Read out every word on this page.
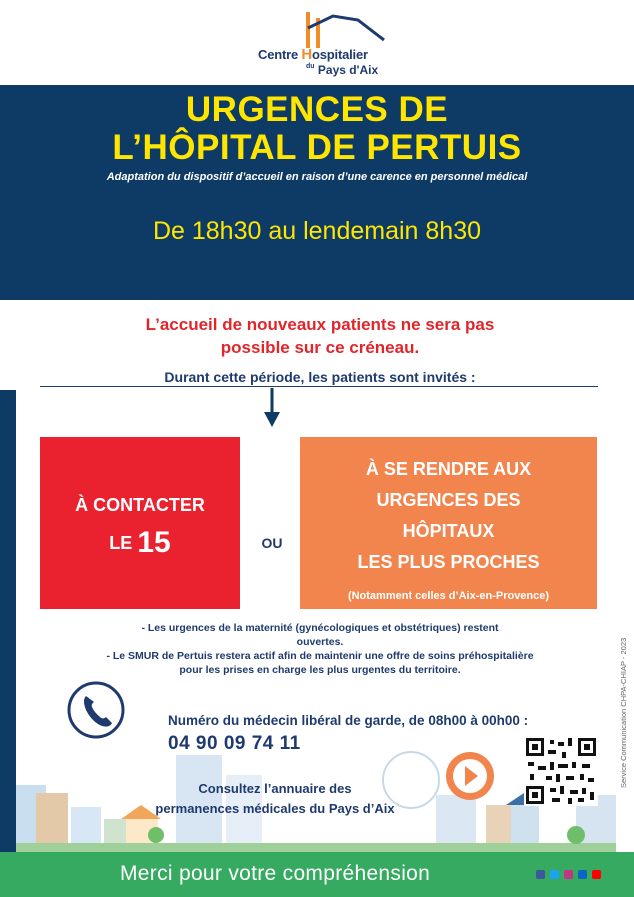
Centre Hospitalier
$^{du}$ Pays d'Aix
URGENCES DE
L’HÔPITAL DE PERTUIS
Adaptation du dispositif d’accueil en raison d’une carence en personnel médical
De 18h30 au lendemain 8h30
L’accueil de nouveaux patients ne sera pas
possible sur ce créneau.
Durant cette période, les patients sont invités :
À CONTACTER
LE 15	OU
À SE RENDRE AUX
URGENCES DES
HÔPITAUX
LES PLUS PROCHES
(Notamment celles d’Aix-en-Provence)
- Les urgences de la maternité (gynécologiques et obstétriques) restent
ouvertes.
- Le SMUR de Pertuis restera actif afin de maintenir une offre de soins préhospitalière
pour les prises en charge les plus urgentes du territoire.	Service Communication CHPA-CHIAP - 2023
Numéro du médecin libéral de garde, de 08h00 à 00h00 :
04 90 09 74 11
Consultez l’annuaire des
permanences médicales du Pays d’Aix
Merci pour votre compréhension
